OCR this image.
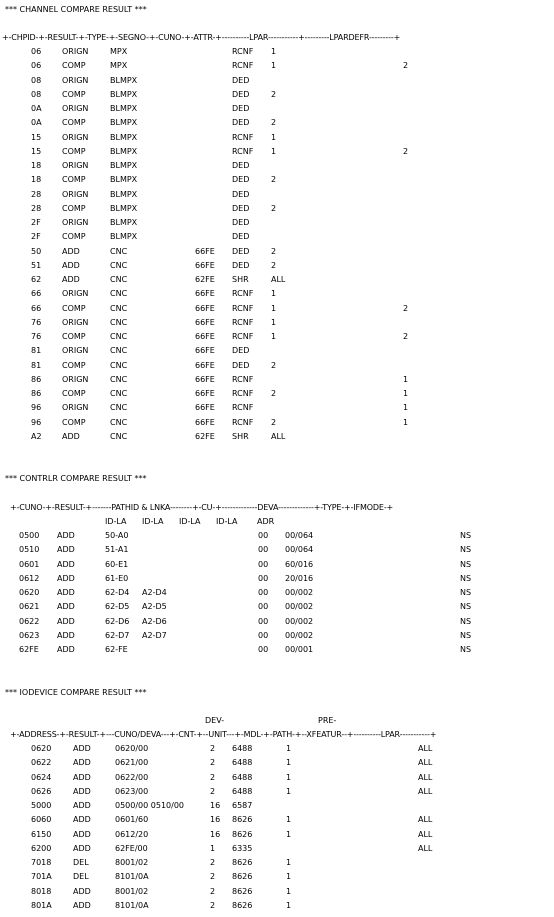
*** CHANNEL COMPARE RESULT ***
+-CHPID-+-RESULT-+-TYPE-+-SEGNO-+-CUNO-+-ATTR-+----------LPAR-----------+---------LPARDEFR---------+
06	ORIGN	MPX	RCNF 1
06	COMP	MPX	RCNF 1	2
08	ORIGN	BLMPX	DED
08	COMP	BLMPX	DED	2
0A	ORIGN	BLMPX	DED
0A	COMP	BLMPX	DED	2
15	ORIGN	BLMPX	RCNF 1
15	COMP	BLMPX	RCNF 1	2
18	ORIGN	BLMPX	DED
18	COMP	BLMPX	DED	2
28	ORIGN	BLMPX	DED
28	COMP	BLMPX	DED	2
2F	ORIGN	BLMPX	DED
2F	COMP	BLMPX	DED
50	ADD	CNC	66FE DED	2
51	ADD	CNC	66FE DED	2
62	ADD	CNC	62FE SHR	ALL
66	ORIGN	CNC	66FE RCNF 1
66	COMP	CNC	66FE RCNF 1	2
76	ORIGN	CNC	66FE RCNF 1
76	COMP	CNC	66FE RCNF 1	2
81	ORIGN	CNC	66FE DED
81	COMP	CNC	66FE DED	2
86	ORIGN	CNC	66FE RCNF	1
86	COMP	CNC	66FE RCNF 2	1
96	ORIGN	CNC	66FE RCNF	1
96	COMP	CNC	66FE RCNF 2	1
A2	ADD	CNC	62FE SHR	ALL
*** CONTRLR COMPARE RESULT ***
+-CUNO-+-RESULT-+-------PATHID & LNKA--------+-CU-+-------------DEVA-------------+-TYPE-+-IFMODE-+
ID-LA ID-LA ID-LA ID-LA ADR
0500 ADD	50-A0	00 00/064	NS
0510 ADD	51-A1	00 00/064	NS
0601 ADD	60-E1	00 60/016	NS
0612 ADD	61-E0	00 20/016	NS
0620 ADD	62-D4 A2-D4	00 00/002	NS
0621 ADD	62-D5 A2-D5	00 00/002	NS
0622 ADD	62-D6 A2-D6	00 00/002	NS
0623 ADD	62-D7 A2-D7	00 00/002	NS
62FE ADD	62-FE	00 00/001	NS
*** IODEVICE COMPARE RESULT ***
DEV-	PRE-
+-ADDRESS-+-RESULT-+---CUNO/DEVA---+-CNT-+--UNIT---+-MDL-+-PATH-+--XFEATUR--+----------LPAR-----------+
0620	ADD	0620/00	2 6488	1	ALL
0622	ADD	0621/00	2 6488	1	ALL
0624	ADD	0622/00	2 6488	1	ALL
0626	ADD	0623/00	2 6488	1	ALL
5000	ADD	0500/00 0510/00	16 6587
6060	ADD	0601/60	16 8626	1	ALL
6150	ADD	0612/20	16 8626	1	ALL
6200	ADD	62FE/00	1 6335	ALL
7018	DEL	8001/02	2 8626	1
701A	DEL	8101/0A	2 8626	1
8018	ADD	8001/02	2 8626	1
801A	ADD	8101/0A	2 8626	1
